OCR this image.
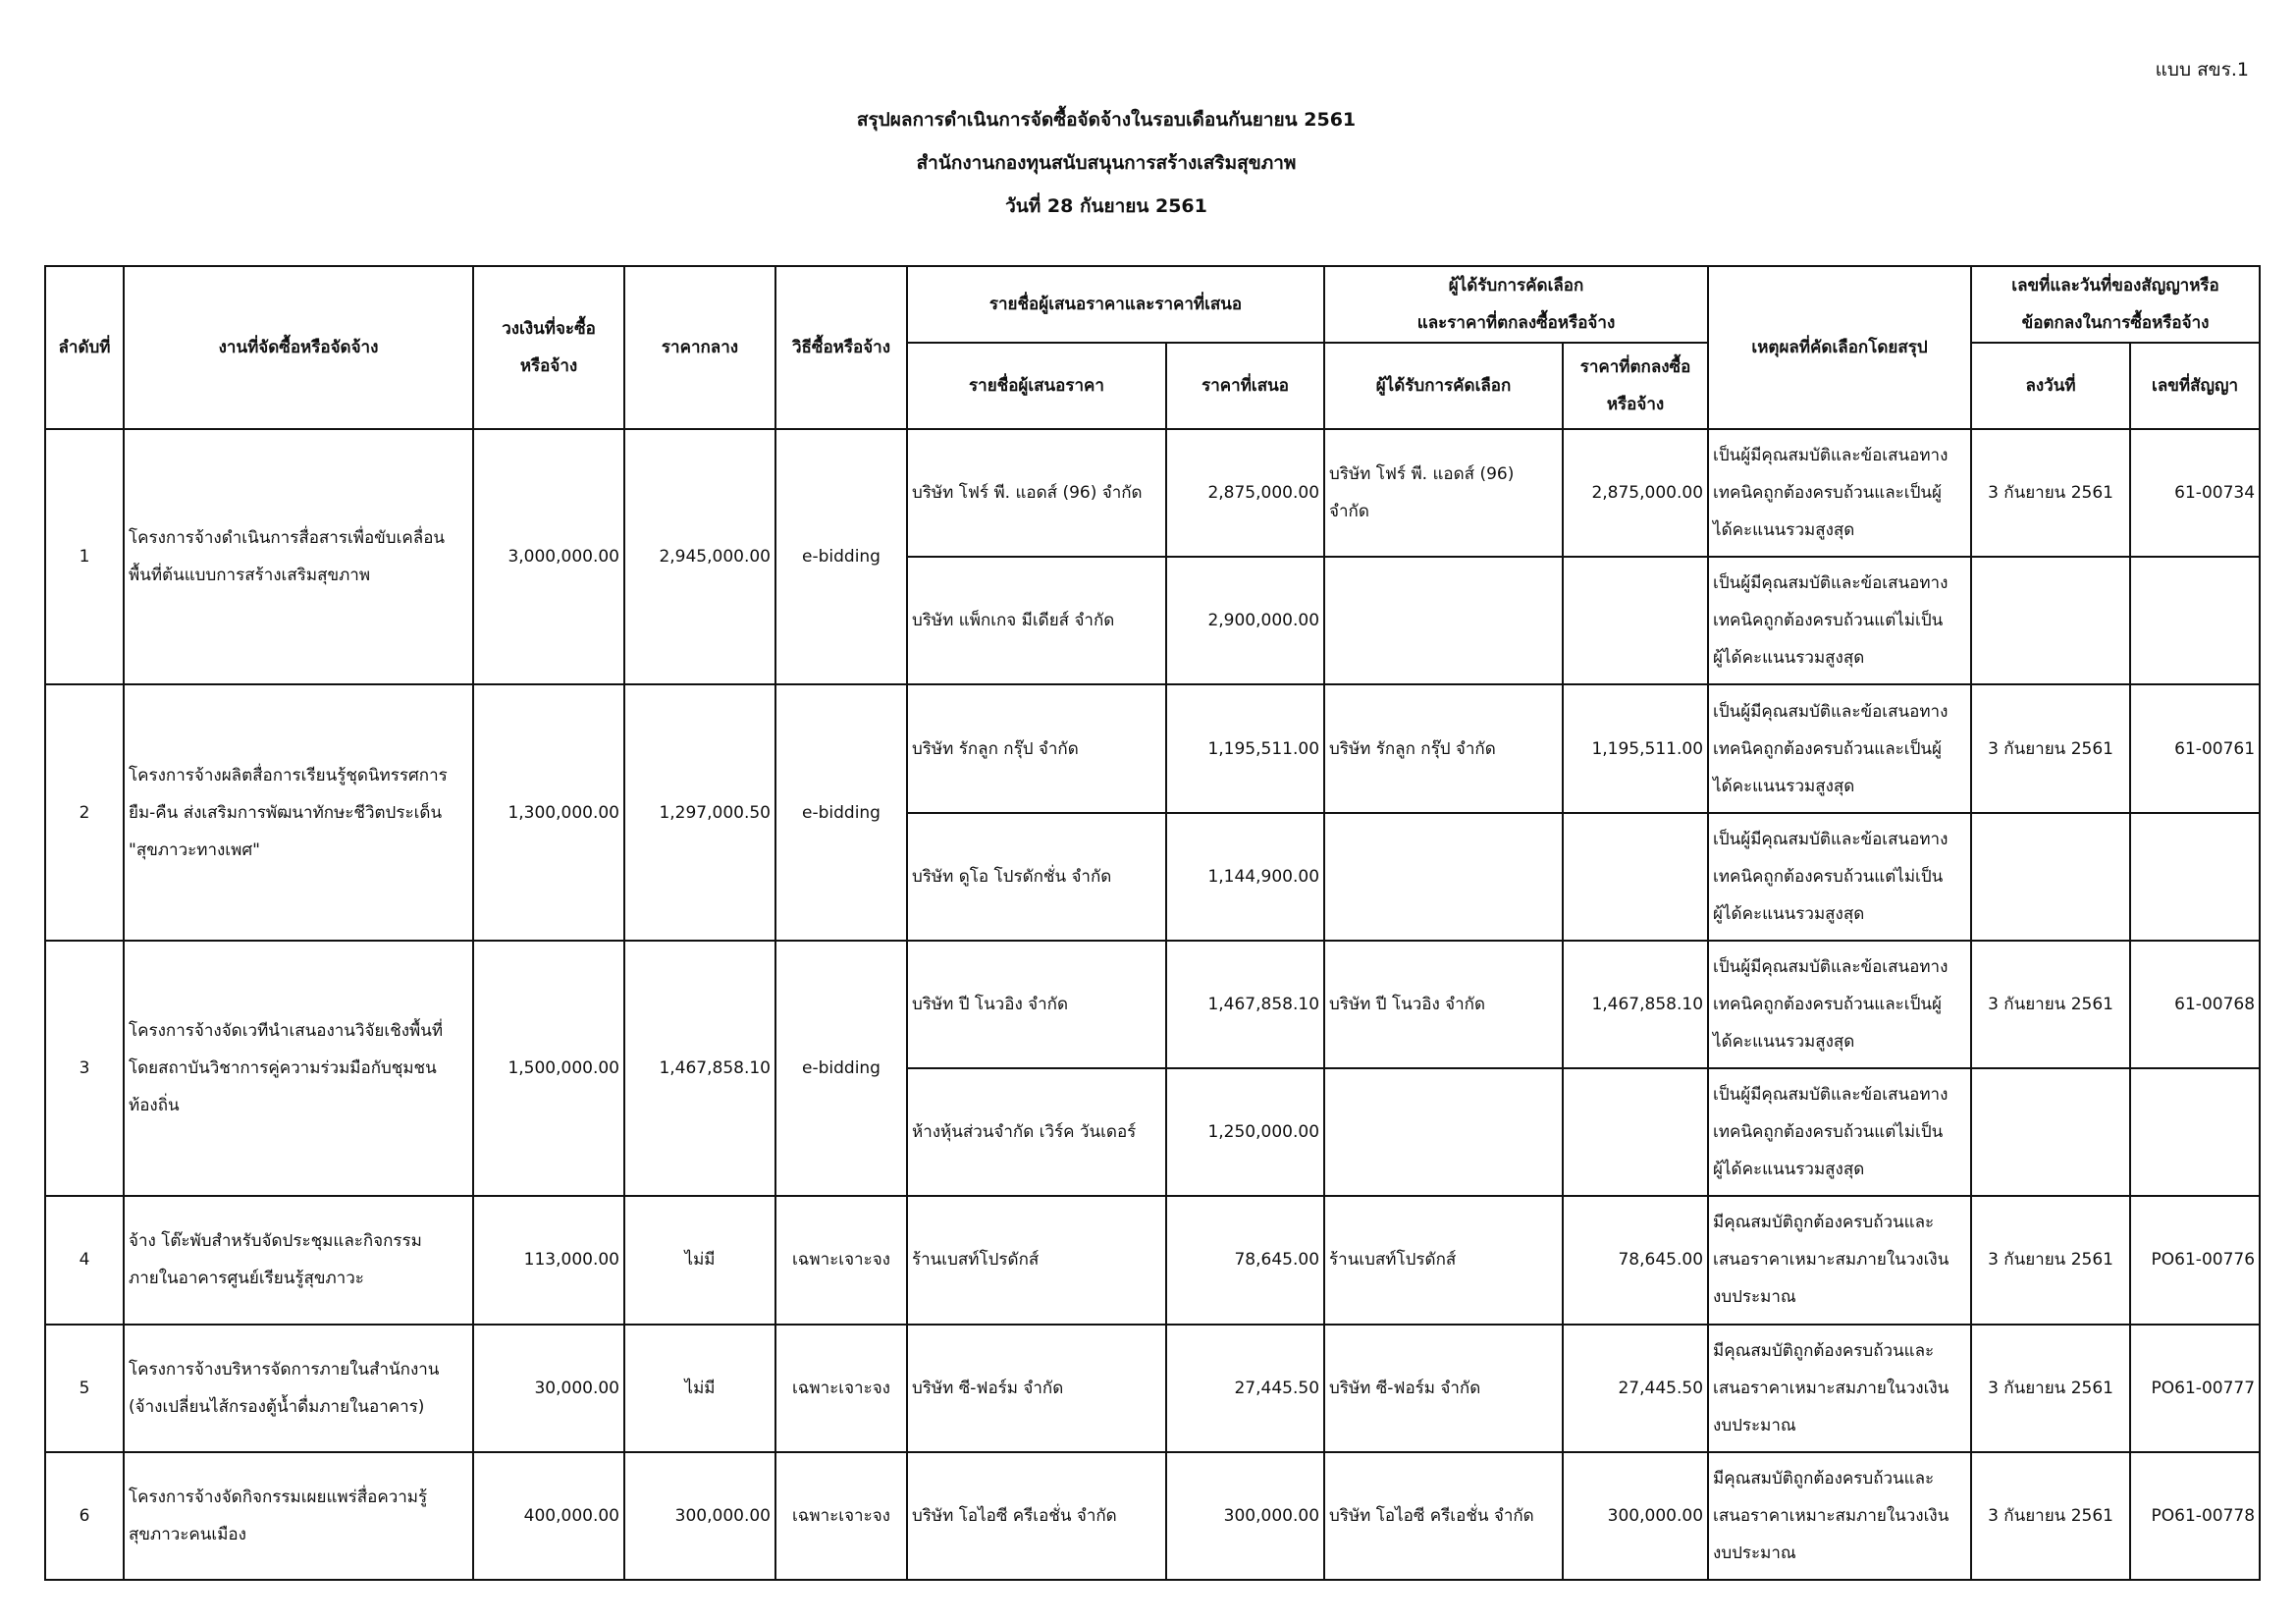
แบบ สขร.1
สรุปผลการดำเนินการจัดซื้อจัดจ้างในรอบเดือนกันยายน 2561
สำนักงานกองทุนสนับสนุนการสร้างเสริมสุขภาพ
วันที่ 28 กันยายน 2561
ลำดับที่	งานที่จัดซื้อหรือจัดจ้าง	วงเงินที่จะซื้อ
หรือจ้าง	ราคากลาง	วิธีซื้อหรือจ้าง	รายชื่อผู้เสนอราคาและราคาที่เสนอ		ผู้ได้รับการคัดเลือก
และราคาที่ตกลงซื้อหรือจ้าง		เหตุผลที่คัดเลือกโดยสรุป	เลขที่และวันที่ของสัญญาหรือ
ข้อตกลงในการซื้อหรือจ้าง	

					รายชื่อผู้เสนอราคา	ราคาที่เสนอ	ผู้ได้รับการคัดเลือก	ราคาที่ตกลงซื้อ
หรือจ้าง		ลงวันที่	เลขที่สัญญา
1	โครงการจ้างดำเนินการสื่อสารเพื่อขับเคลื่อน
พื้นที่ต้นแบบการสร้างเสริมสุขภาพ	3,000,000.00	2,945,000.00	e-bidding	บริษัท โฟร์ พี. แอดส์ (96) จำกัด	2,875,000.00	บริษัท โฟร์ พี. แอดส์ (96)
จำกัด	2,875,000.00	เป็นผู้มีคุณสมบัติและข้อเสนอทาง
เทคนิคถูกต้องครบถ้วนและเป็นผู้
ได้คะแนนรวมสูงสุด	3 กันยายน 2561	61-00734
					บริษัท แพ็กเกจ มีเดียส์ จำกัด	2,900,000.00			เป็นผู้มีคุณสมบัติและข้อเสนอทาง
เทคนิคถูกต้องครบถ้วนแต่ไม่เป็น
ผู้ได้คะแนนรวมสูงสุด		

2	โครงการจ้างผลิตสื่อการเรียนรู้ชุดนิทรรศการ
ยืม-คืน ส่งเสริมการพัฒนาทักษะชีวิตประเด็น
"สุขภาวะทางเพศ"	1,300,000.00	1,297,000.50	e-bidding	บริษัท รักลูก กรุ๊ป จำกัด	1,195,511.00	บริษัท รักลูก กรุ๊ป จำกัด	1,195,511.00	เป็นผู้มีคุณสมบัติและข้อเสนอทาง
เทคนิคถูกต้องครบถ้วนและเป็นผู้
ได้คะแนนรวมสูงสุด	3 กันยายน 2561	61-00761
					บริษัท ดูโอ โปรดักชั่น จำกัด	1,144,900.00			เป็นผู้มีคุณสมบัติและข้อเสนอทาง
เทคนิคถูกต้องครบถ้วนแต่ไม่เป็น
ผู้ได้คะแนนรวมสูงสุด		

3	โครงการจ้างจัดเวทีนำเสนองานวิจัยเชิงพื้นที่
โดยสถาบันวิชาการคู่ความร่วมมือกับชุมชน
ท้องถิ่น	1,500,000.00	1,467,858.10	e-bidding	บริษัท ปี โนวอิง จำกัด	1,467,858.10	บริษัท ปี โนวอิง จำกัด	1,467,858.10	เป็นผู้มีคุณสมบัติและข้อเสนอทาง
เทคนิคถูกต้องครบถ้วนและเป็นผู้
ได้คะแนนรวมสูงสุด	3 กันยายน 2561	61-00768
					ห้างหุ้นส่วนจำกัด เวิร์ค วันเดอร์	1,250,000.00			เป็นผู้มีคุณสมบัติและข้อเสนอทาง
เทคนิคถูกต้องครบถ้วนแต่ไม่เป็น
ผู้ได้คะแนนรวมสูงสุด		

4	จ้าง โต๊ะพับสำหรับจัดประชุมและกิจกรรม
ภายในอาคารศูนย์เรียนรู้สุขภาวะ	113,000.00	ไม่มี	เฉพาะเจาะจง	ร้านเบสท์โปรดักส์	78,645.00	ร้านเบสท์โปรดักส์	78,645.00	มีคุณสมบัติถูกต้องครบถ้วนและ
เสนอราคาเหมาะสมภายในวงเงิน
งบประมาณ	3 กันยายน 2561	PO61-00776
5	โครงการจ้างบริหารจัดการภายในสำนักงาน
(จ้างเปลี่ยนไส้กรองตู้น้ำดื่มภายในอาคาร)	30,000.00	ไม่มี	เฉพาะเจาะจง	บริษัท ซี-ฟอร์ม จำกัด	27,445.50	บริษัท ซี-ฟอร์ม จำกัด	27,445.50	มีคุณสมบัติถูกต้องครบถ้วนและ
เสนอราคาเหมาะสมภายในวงเงิน
งบประมาณ	3 กันยายน 2561	PO61-00777
6	โครงการจ้างจัดกิจกรรมเผยแพร่สื่อความรู้
สุขภาวะคนเมือง	400,000.00	300,000.00	เฉพาะเจาะจง	บริษัท โอไอซี ครีเอชั่น จำกัด	300,000.00	บริษัท โอไอซี ครีเอชั่น จำกัด	300,000.00	มีคุณสมบัติถูกต้องครบถ้วนและ
เสนอราคาเหมาะสมภายในวงเงิน
งบประมาณ	3 กันยายน 2561	PO61-00778
